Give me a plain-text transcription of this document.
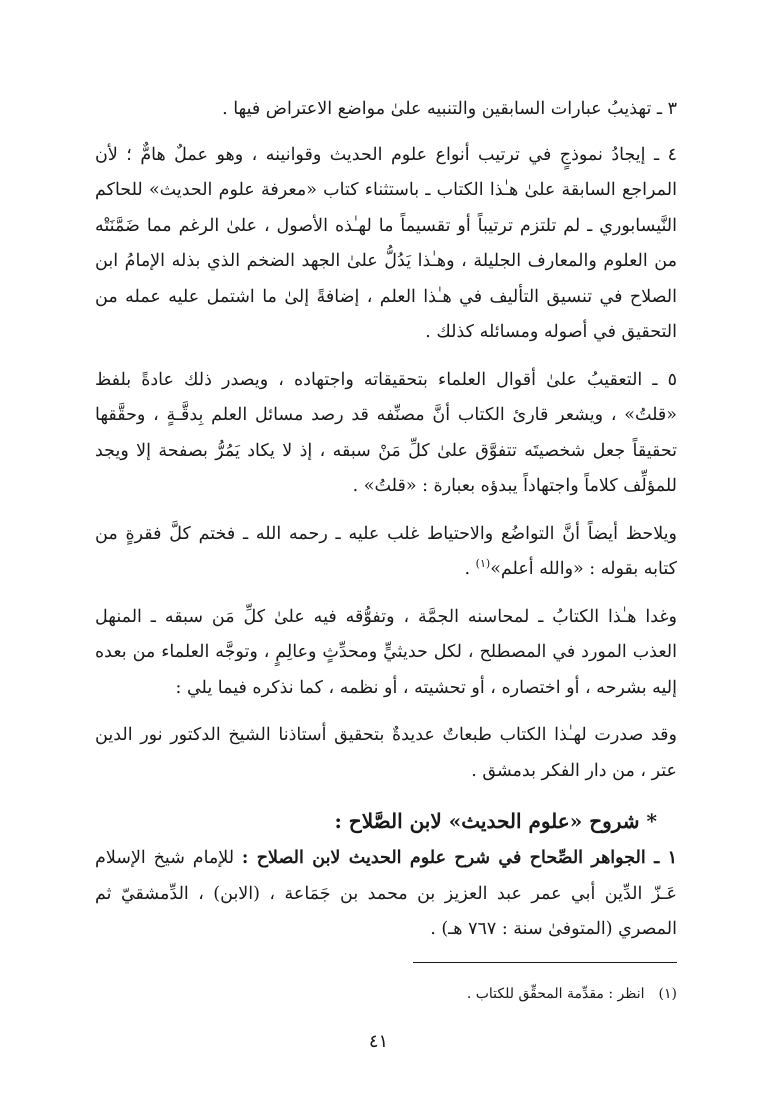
٣ ـ تهذيبُ عبارات السابقين والتنبيه علىٰ مواضع الاعتراض فيها .

٤ ـ إيجادُ نموذجٍ في ترتيب أنواع علوم الحديث وقوانينه ، وهو عملٌ هامٌّ ؛ لأن المراجع السابقة علىٰ هـٰذا الكتاب ـ باستثناء كتاب «معرفة علوم الحديث» للحاكم النَّيسابوري ـ لم تلتزم ترتيباً أو تقسيماً ما لهـٰذه الأصول ، علىٰ الرغم مما ضَمَّنَتْه من العلوم والمعارف الجليلة ، وهـٰذا يَدُلُّ علىٰ الجهد الضخم الذي بذله الإمامُ ابن الصلاح في تنسيق التأليف في هـٰذا العلم ، إضافةً إلىٰ ما اشتمل عليه عمله من التحقيق في أصوله ومسائله كذلك .

٥ ـ التعقيبُ علىٰ أقوال العلماء بتحقيقاته واجتهاده ، ويصدر ذلك عادةً بلفظ «قلتُ» ، ويشعر قارئ الكتاب أنَّ مصنِّفه قد رصد مسائل العلم بِدقَّـةٍ ، وحقَّقها تحقيقاً جعل شخصيتَه تتفوَّق علىٰ كلِّ مَنْ سبقه ، إذ لا يكاد يَمُرُّ بصفحة إلا ويجد للمؤلِّف كلاماً واجتهاداً يبدؤه بعبارة : «قلتُ» .

ويلاحظ أيضاً أنَّ التواضُع والاحتياط غلب عليه ـ رحمه الله ـ فختم كلَّ فقرةٍ من كتابه بقوله : «والله أعلم»$^{(١)}$ .

وغدا هـٰذا الكتابُ ـ لمحاسنه الجمَّة ، وتفوُّقه فيه علىٰ كلِّ مَن سبقه ـ المنهل العذب المورد في المصطلح ، لكل حديثيٍّ ومحدِّثٍ وعالِمٍ ، وتوجَّه العلماء من بعده إليه بشرحه ، أو اختصاره ، أو تحشيته ، أو نظمه ، كما نذكره فيما يلي :

وقد صدرت لهـٰذا الكتاب طبعاتٌ عديدةٌ بتحقيق أستاذنا الشيخ الدكتور نور الدين عتر ، من دار الفكر بدمشق .

* شروح «علوم الحديث» لابن الصَّلاح :

١ ـ الجواهر الصِّحاح في شرح علوم الحديث لابن الصلاح : للإمام شيخ الإسلام عَـزّ الدِّين أبي عمر عبد العزيز بن محمد بن جَمَاعة ، (الابن) ، الدِّمشقيّ ثم المصري (المتوفىٰ سنة : ٧٦٧ هـ) .

(١)انظر : مقدِّمة المحقِّق للكتاب .
٤١
